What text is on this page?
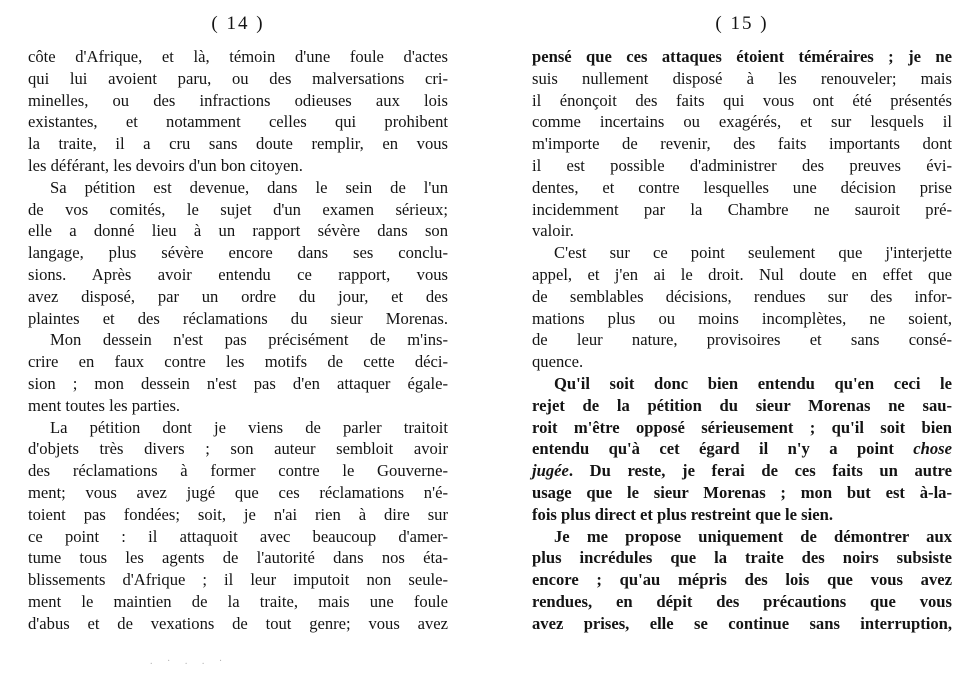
( 14 )
côte d'Afrique, et là, témoin d'une foule d'actes
qui lui avoient paru, ou des malversations cri-
minelles, ou des infractions odieuses aux lois
existantes, et notamment celles qui prohibent
la traite, il a cru sans doute remplir, en vous
les déférant, les devoirs d'un bon citoyen.
Sa pétition est devenue, dans le sein de l'un
de vos comités, le sujet d'un examen sérieux;
elle a donné lieu à un rapport sévère dans son
langage, plus sévère encore dans ses conclu-
sions. Après avoir entendu ce rapport, vous
avez disposé, par un ordre du jour, et des
plaintes et des réclamations du sieur Morenas.
Mon dessein n'est pas précisément de m'ins-
crire en faux contre les motifs de cette déci-
sion ; mon dessein n'est pas d'en attaquer égale-
ment toutes les parties.
La pétition dont je viens de parler traitoit
d'objets très divers ; son auteur sembloit avoir
des réclamations à former contre le Gouverne-
ment; vous avez jugé que ces réclamations n'é-
toient pas fondées; soit, je n'ai rien à dire sur
ce point : il attaquoit avec beaucoup d'amer-
tume tous les agents de l'autorité dans nos éta-
blissements d'Afrique ; il leur imputoit non seule-
ment le maintien de la traite, mais une foule
d'abus et de vexations de tout genre; vous avez
( 15 )
pensé que ces attaques étoient téméraires ; je ne
suis nullement disposé à les renouveler; mais
il énonçoit des faits qui vous ont été présentés
comme incertains ou exagérés, et sur lesquels il
m'importe de revenir, des faits importants dont
il est possible d'administrer des preuves évi-
dentes, et contre lesquelles une décision prise
incidemment par la Chambre ne sauroit pré-
valoir.
C'est sur ce point seulement que j'interjette
appel, et j'en ai le droit. Nul doute en effet que
de semblables décisions, rendues sur des infor-
mations plus ou moins incomplètes, ne soient,
de leur nature, provisoires et sans consé-
quence.
Qu'il soit donc bien entendu qu'en ceci le
rejet de la pétition du sieur Morenas ne sau-
roit m'être opposé sérieusement ; qu'il soit bien
entendu qu'à cet égard il n'y a point chose
jugée. Du reste, je ferai de ces faits un autre
usage que le sieur Morenas ; mon but est à-la-
fois plus direct et plus restreint que le sien.
Je me propose uniquement de démontrer aux
plus incrédules que la traite des noirs subsiste
encore ; qu'au mépris des lois que vous avez
rendues, en dépit des précautions que vous
avez prises, elle se continue sans interruption,
. · . . ·
